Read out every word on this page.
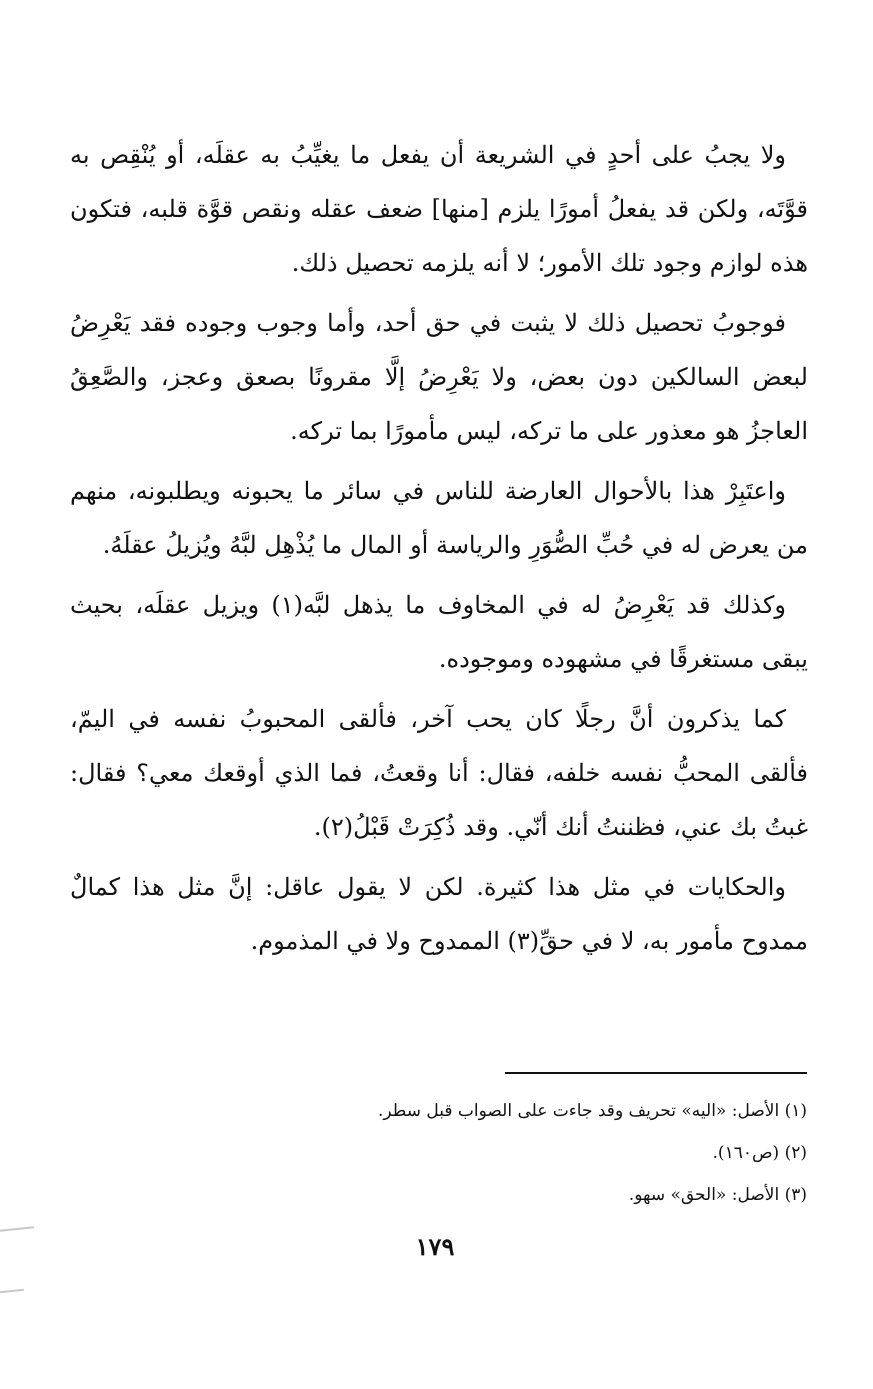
ولا يجبُ على أحدٍ في الشريعة أن يفعل ما يغيِّبُ به عقلَه، أو يُنْقِص به قوَّتَه، ولكن قد يفعلُ أمورًا يلزم [منها] ضعف عقله ونقص قوَّة قلبه، فتكون هذه لوازم وجود تلك الأمور؛ لا أنه يلزمه تحصيل ذلك.

فوجوبُ تحصيل ذلك لا يثبت في حق أحد، وأما وجوب وجوده فقد يَعْرِضُ لبعض السالكين دون بعض، ولا يَعْرِضُ إلَّا مقرونًا بصعق وعجز، والصَّعِقُ العاجزُ هو معذور على ما تركه، ليس مأمورًا بما تركه.

واعتَبِرْ هذا بالأحوال العارضة للناس في سائر ما يحبونه ويطلبونه، منهم من يعرض له في حُبِّ الصُّوَرِ والرياسة أو المال ما يُذْهِل لبَّهُ ويُزيلُ عقلَهُ.

وكذلك قد يَعْرِضُ له في المخاوف ما يذهل لبَّه(١) ويزيل عقلَه، بحيث يبقى مستغرقًا في مشهوده وموجوده.

كما يذكرون أنَّ رجلًا كان يحب آخر، فألقى المحبوبُ نفسه في اليمّ، فألقى المحبُّ نفسه خلفه، فقال: أنا وقعتُ، فما الذي أوقعك معي؟ فقال: غبتُ بك عني، فظننتُ أنك أنّي. وقد ذُكِرَتْ قَبْلُ(٢).

والحكايات في مثل هذا كثيرة. لكن لا يقول عاقل: إنَّ مثل هذا كمالٌ ممدوح مأمور به، لا في حقِّ(٣) الممدوح ولا في المذموم.

(١) الأصل: «اليه» تحريف وقد جاءت على الصواب قبل سطر.

(٢) (ص١٦٠).

(٣) الأصل: «الحق» سهو.

١٧٩
